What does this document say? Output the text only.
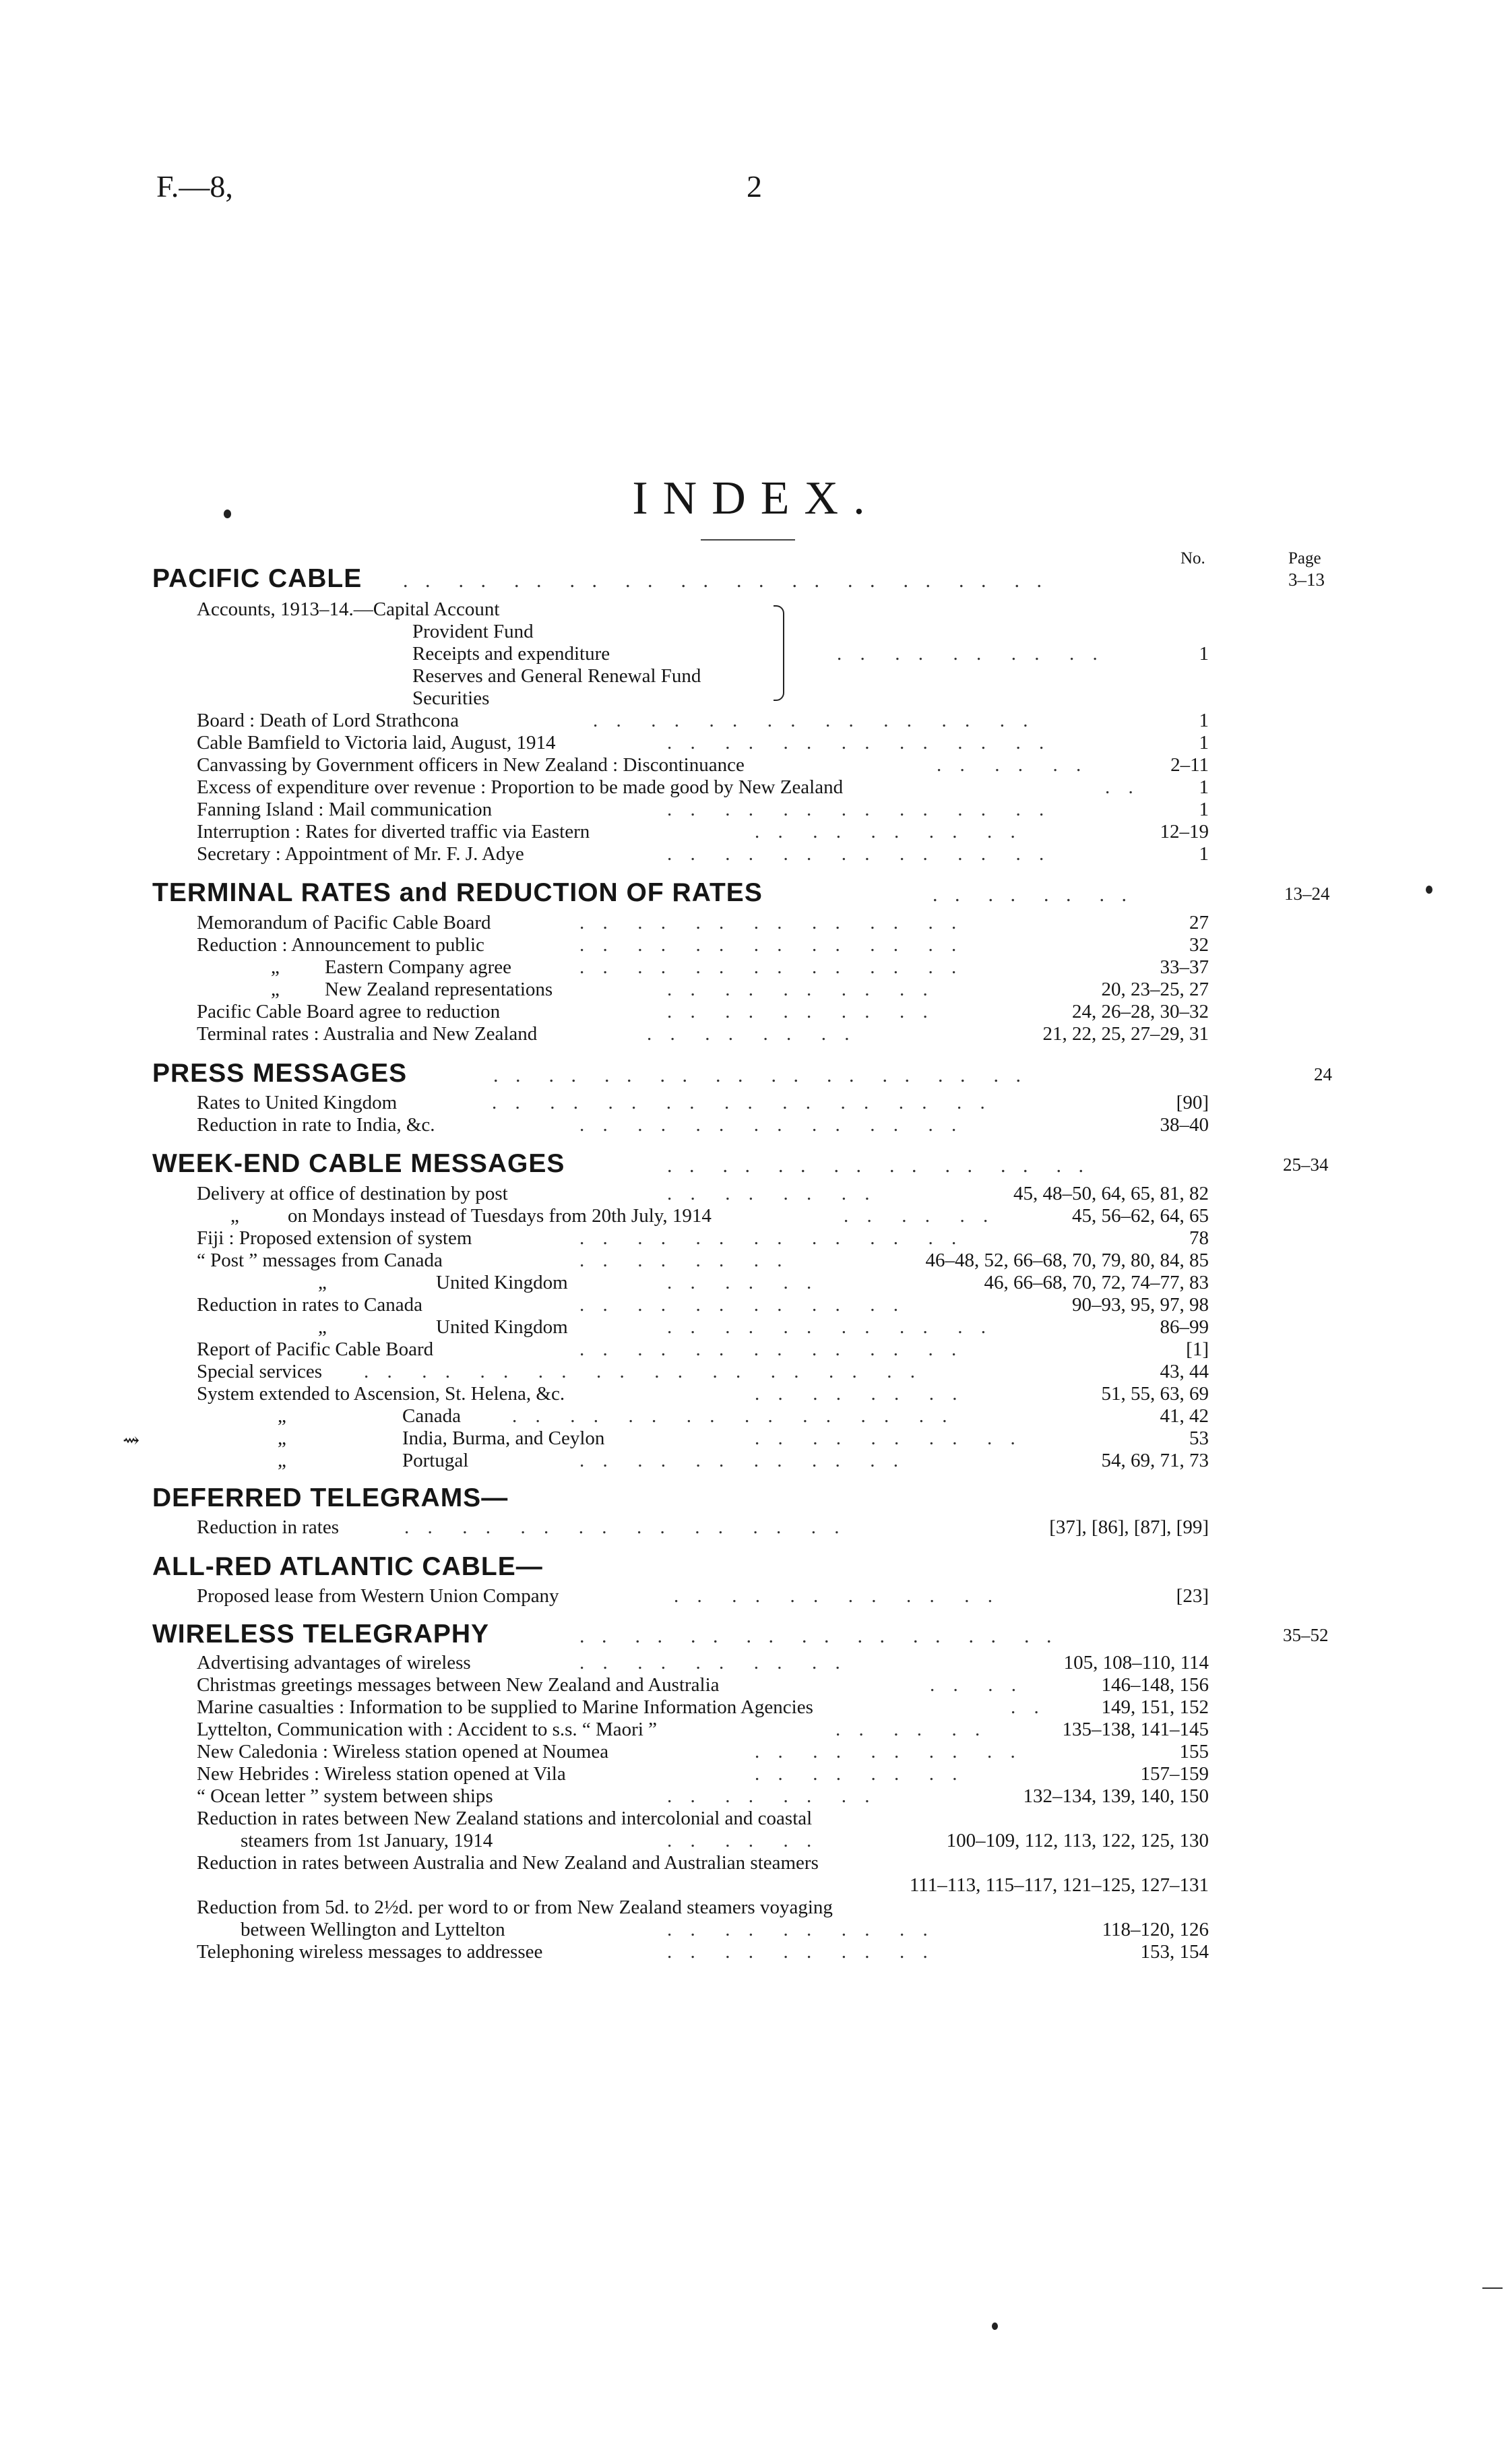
F.—8,	2
INDEX.
No.	Page
PACIFIC CABLE . .  . .  . .  . .  . .  . .  . .  . .  . .  . .  . .  . .	3–13
Accounts, 1913–14.—Capital Account
Provident Fund
Receipts and expenditure
Reserves and General Renewal Fund
Securities
. .  . .  . .  . .  . .	1
Board : Death of Lord Strathcona	. .  . .  . .  . .  . .  . .  . .  . .	1
Cable Bamfield to Victoria laid, August, 1914	. .  . .  . .  . .  . .  . .  . .	1
Canvassing by Government officers in New Zealand : Discontinuance	. .  . .  . .	2–11
Excess of expenditure over revenue : Proportion to be made good by New Zealand	. .	1
Fanning Island : Mail communication	. .  . .  . .  . .  . .  . .  . .	1
Interruption : Rates for diverted traffic via Eastern	. .  . .  . .  . .  . .	12–19
Secretary : Appointment of Mr. F. J. Adye	. .  . .  . .  . .  . .  . .  . .	1
TERMINAL RATES and REDUCTION OF RATES	. .  . .  . .  . .	13–24
Memorandum of Pacific Cable Board	. .  . .  . .  . .  . .  . .  . .	27
Reduction : Announcement to public	. .  . .  . .  . .  . .  . .  . .	32
„ Eastern Company agree	. .  . .  . .  . .  . .  . .  . .	33–37
„ New Zealand representations	. .  . .  . .  . .  . .	20, 23–25, 27
Pacific Cable Board agree to reduction	. .  . .  . .  . .  . .	24, 26–28, 30–32
Terminal rates : Australia and New Zealand	. .  . .  . .  . .	21, 22, 25, 27–29, 31
PRESS MESSAGES	. .  . .  . .  . .  . .  . .  . .  . .  . .  . .	24
Rates to United Kingdom	. .  . .  . .  . .  . .  . .  . .  . .  . .	[90]
Reduction in rate to India, &c.	. .  . .  . .  . .  . .  . .  . .	38–40
WEEK-END CABLE MESSAGES	. .  . .  . .  . .  . .  . .  . .  . .	25–34
Delivery at office of destination by post	. .  . .  . .  . .	45, 48–50, 64, 65, 81, 82
„ on Mondays instead of Tuesdays from 20th July, 1914	. .  . .  . .	45, 56–62, 64, 65
Fiji : Proposed extension of system	. .  . .  . .  . .  . .  . .  . .	78
“ Post ” messages from Canada	. .  . .  . .  . .	46–48, 52, 66–68, 70, 79, 80, 84, 85
„	United Kingdom	. .  . .  . .	46, 66–68, 70, 72, 74–77, 83
Reduction in rates to Canada	. .  . .  . .  . .  . .  . .	90–93, 95, 97, 98
„	United Kingdom	. .  . .  . .  . .  . .  . .	86–99
Report of Pacific Cable Board	. .  . .  . .  . .  . .  . .  . .	[1]
Special services . .  . .  . .  . .  . .  . .  . .  . .  . .  . .	43, 44
System extended to Ascension, St. Helena, &c.	. .  . .  . .  . .	51, 55, 63, 69
„	Canada	. .  . .  . .  . .  . .  . .  . .  . .	41, 42
„	India, Burma, and Ceylon	. .  . .  . .  . .  . .	53
⇝
„	Portugal	. .  . .  . .  . .  . .  . .	54, 69, 71, 73
DEFERRED TELEGRAMS—
Reduction in rates	. .  . .  . .  . .  . .  . .  . .  . .	[37], [86], [87], [99]
ALL-RED ATLANTIC CABLE—
Proposed lease from Western Union Company	. .  . .  . .  . .  . .  . .	[23]
WIRELESS TELEGRAPHY	. .  . .  . .  . .  . .  . .  . .  . .  . .	35–52
Advertising advantages of wireless	. .  . .  . .  . .  . .	105, 108–110, 114
Christmas greetings messages between New Zealand and Australia	. .  . .	146–148, 156
Marine casualties : Information to be supplied to Marine Information Agencies	. .	149, 151, 152
Lyttelton, Communication with : Accident to s.s. “ Maori ”	. .  . .  . .	135–138, 141–145
New Caledonia : Wireless station opened at Noumea	. .  . .  . .  . .  . .	155
New Hebrides : Wireless station opened at Vila	. .  . .  . .  . .	157–159
“ Ocean letter ” system between ships	. .  . .  . .  . .	132–134, 139, 140, 150
Reduction in rates between New Zealand stations and intercolonial and coastal
steamers from 1st January, 1914	. .  . .  . .	100–109, 112, 113, 122, 125, 130
Reduction in rates between Australia and New Zealand and Australian steamers
111–113, 115–117, 121–125, 127–131
Reduction from 5d. to 2½d. per word to or from New Zealand steamers voyaging
between Wellington and Lyttelton	. .  . .  . .  . .  . .	118–120, 126
Telephoning wireless messages to addressee	. .  . .  . .  . .  . .	153, 154
